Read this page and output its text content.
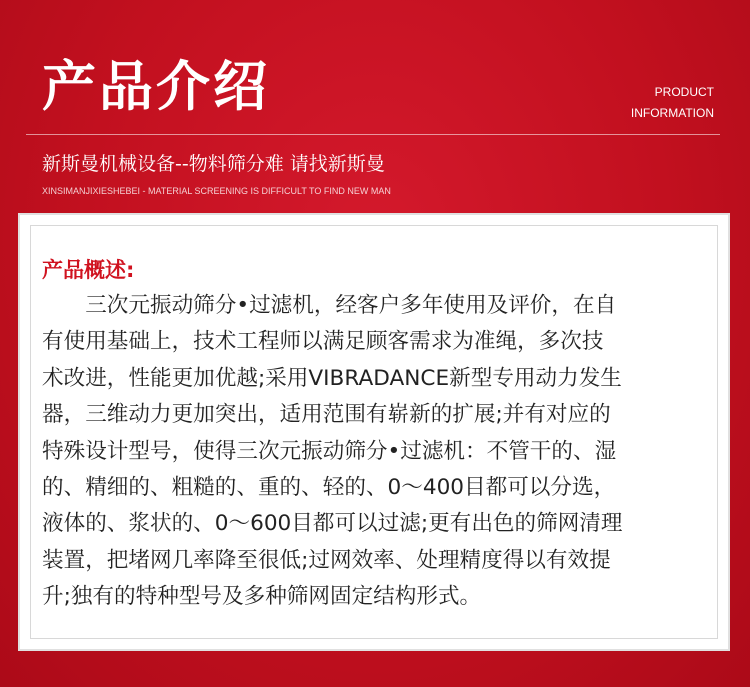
产品介绍	PRODUCT
INFORMATION
新斯曼机械设备--物料筛分难 请找新斯曼
XINSIMANJIXIESHEBEI - MATERIAL SCREENING IS DIFFICULT TO FIND NEW MAN
产品概述:

　　三次元振动筛分•过滤机，经客户多年使用及评价，在自
有使用基础上，技术工程师以满足顾客需求为准绳，多次技
术改进，性能更加优越;采用VIBRADANCE新型专用动力发生
器，三维动力更加突出，适用范围有崭新的扩展;并有对应的
特殊设计型号，使得三次元振动筛分•过滤机：不管干的、湿
的、精细的、粗糙的、重的、轻的、0～400目都可以分选，
液体的、浆状的、0～600目都可以过滤;更有出色的筛网清理
装置，把堵网几率降至很低;过网效率、处理精度得以有效提
升;独有的特种型号及多种筛网固定结构形式。
